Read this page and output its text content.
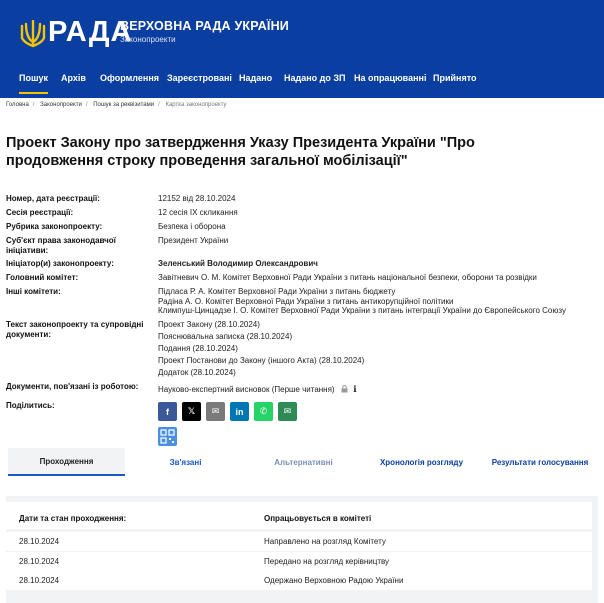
РАДА
ВЕРХОВНА РАДА УКРАЇНИ
Законопроекти
Пошук Архів Оформлення Зареєстровані Надано Надано до ЗП На опрацюванні Прийнято
Головна / Законопроекти / Пошук за реквізитами / Картка законопроекту
Проект Закону про затвердження Указу Президента України "Про продовження строку проведення загальної мобілізації"
Номер, дата реєстрації:	12152 від 28.10.2024
Сесія реєстрації:	12 сесія IX скликання
Рубрика законопроекту:	Безпека і оборона
Суб'єкт права законодавчої ініціативи:
Президент України
Ініціатор(и) законопроекту:	Зеленський Володимир Олександрович
Головний комітет:	Завітневич О. М. Комітет Верховної Ради України з питань національної безпеки, оборони та розвідки
Інші комітети:	Підласа Р. А. Комітет Верховної Ради України з питань бюджету
Радіна А. О. Комітет Верховної Ради України з питань антикорупційної політики
Климпуш-Цинцадзе І. О. Комітет Верховної Ради України з питань інтеграції України до Європейського Союзу
Текст законопроекту та супровідні документи:
Проект Закону (28.10.2024)
Пояснювальна записка (28.10.2024)
Подання (28.10.2024)
Проект Постанови до Закону (іншого Акта) (28.10.2024)
Додаток (28.10.2024)
Документи, пов'язані із роботою:	Науково-експертний висновок (Перше читання) ℹ
Поділитись:
f 𝕏 ✉ in ✆ ✉
Проходження	Зв'язані	Альтернативні	Хронологія розгляду	Результати голосування
Дати та стан проходження:	Опрацьовується в комітеті
28.10.2024	Направлено на розгляд Комітету
28.10.2024	Передано на розгляд керівництву
28.10.2024	Одержано Верховною Радою України
